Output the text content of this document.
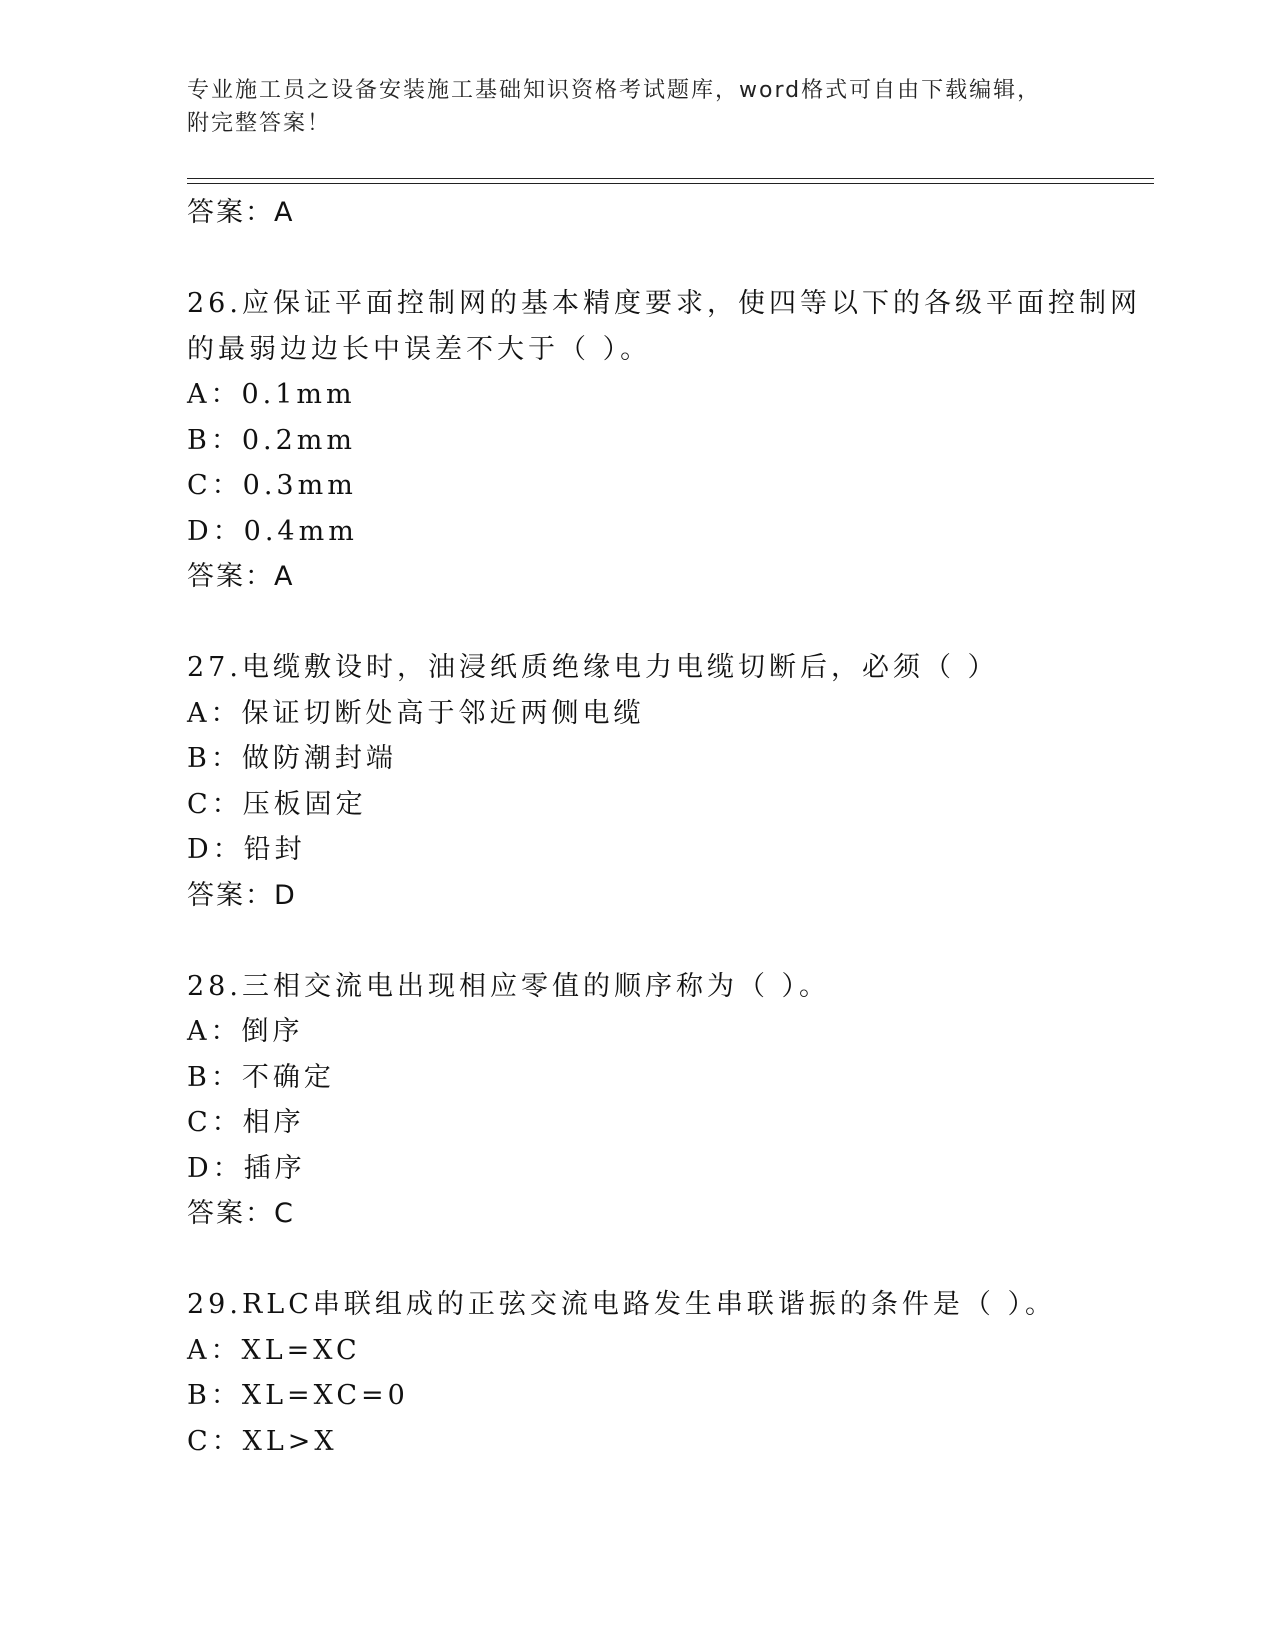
专业施工员之设备安装施工基础知识资格考试题库，word格式可自由下载编辑，
附完整答案！
答案：A
26.应保证平面控制网的基本精度要求，使四等以下的各级平面控制网
的最弱边边长中误差不大于（ ）。
A：0.1mm
B：0.2mm
C：0.3mm
D：0.4mm
答案：A
27.电缆敷设时，油浸纸质绝缘电力电缆切断后，必须（ ）
A：保证切断处高于邻近两侧电缆
B：做防潮封端
C：压板固定
D：铅封
答案：D
28.三相交流电出现相应零值的顺序称为（ ）。
A：倒序
B：不确定
C：相序
D：插序
答案：C
29.RLC串联组成的正弦交流电路发生串联谐振的条件是（ ）。
A：XL=XC
B：XL=XC=0
C：XL>X
